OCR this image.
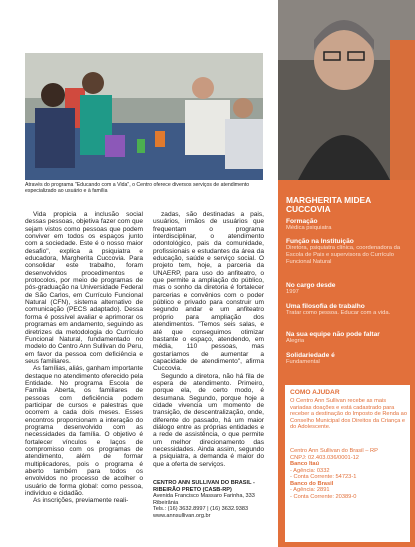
Através do programa "Educando com a Vida", o Centro oferece diversos serviços de atendimento especializado ao usuário e à família

Vida propicia a inclusão social dessas pessoas, objetiva fazer com que sejam vistos como pessoas que podem conviver em todos os espaços junto com a sociedade. Este é o nosso maior desafio", explica a psiquiatra e educadora, Margherita Cuccovia. Para consolidar este trabalho, foram desenvolvidos procedimentos e protocolos, por meio de programas de pós-graduação na Universidade Federal de São Carlos, em Currículo Funcional Natural (CFN), sistema alternativo de comunicação (PECS adaptado). Dessa forma é possível avaliar e aprimorar os programas em andamento, seguindo as diretrizes da metodologia do Currículo Funcional Natural, fundamentado no modelo do Centro Ann Sullivan do Peru, em favor da pessoa com deficiência e seus familiares.

As famílias, aliás, ganham importante destaque no atendimento oferecido pela Entidade. No programa Escola de Família Aberta, os familiares de pessoas com deficiência podem participar de cursos e palestras que ocorrem a cada dois meses. Esses encontros proporcionam a interação do programa desenvolvido com as necessidades da família. O objetivo é fortalecer vínculos e laços de compromisso com os programas de atendimento, além de formar multiplicadores, pois o programa é aberto também para todos os envolvidos no processo de acolher o usuário de forma global: como pessoa, indivíduo e cidadão.

As inscrições, previamente reali-

zadas, são destinadas a pais, usuários, irmãos de usuários que frequentam o programa interdisciplinar, o atendimento odontológico, pais da comunidade, profissionais e estudantes da área da educação, saúde e serviço social. O projeto tem, hoje, a parceria da UNAERP, para uso do anfiteatro, o que permite a ampliação do público, mas o sonho da diretoria é fortalecer parcerias e convênios com o poder público e privado para construir um segundo andar e um anfiteatro próprio para ampliação dos atendimentos. "Temos seis salas, e até que conseguimos otimizar bastante o espaço, atendendo, em média, 110 pessoas, mas gostaríamos de aumentar a capacidade de atendimento", afirma Cuccovia.

Segundo a diretora, não há fila de espera de atendimento. Primeiro, porque ela, de certo modo, é desumana. Segundo, porque hoje a cidade vivencia um momento de transição, de descentralização, onde, diferente do passado, há um maior diálogo entre as próprias entidades e a rede de assistência, o que permite um melhor direcionamento das necessidades. Ainda assim, segundo a psiquiatra, a demanda é maior do que a oferta de serviços.

CENTRO ANN SULLIVAN DO BRASIL - RIBEIRÃO PRETO (CASB-RP)
Avenida Francisco Massaro Farinha, 333 Ribeirânia
Tels.: (16) 3632.8997 | (16) 3632.9383
www.annsullivan.org.br
MARGHERITA MIDEA CUCCOVIA
Formação
Médica psiquiatra
Função na Instituição
Diretora, psiquiatra clínica, coordenadora da Escola de Pais e supervisora do Currículo Funcional Natural
No cargo desde
1997
Uma filosofia de trabalho
Tratar como pessoa. Educar com a vida.
Na sua equipe não pode faltar
Alegria
Solidariedade é
Fundamental
COMO AJUDAR
O Centro Ann Sullivan recebe as mais variadas doações e está cadastrado para receber a destinação do Imposto de Renda ao Conselho Municipal dos Direitos da Criança e do Adolescente.
Centro Ann Sullivan do Brasil – RP
CNPJ: 02.403.036/0001-12
Banco Itaú
- Agência: 0332
- Conta Corrente: 54723-1
Banco do Brasil
- Agência: 2891
- Conta Corrente: 20389-0
